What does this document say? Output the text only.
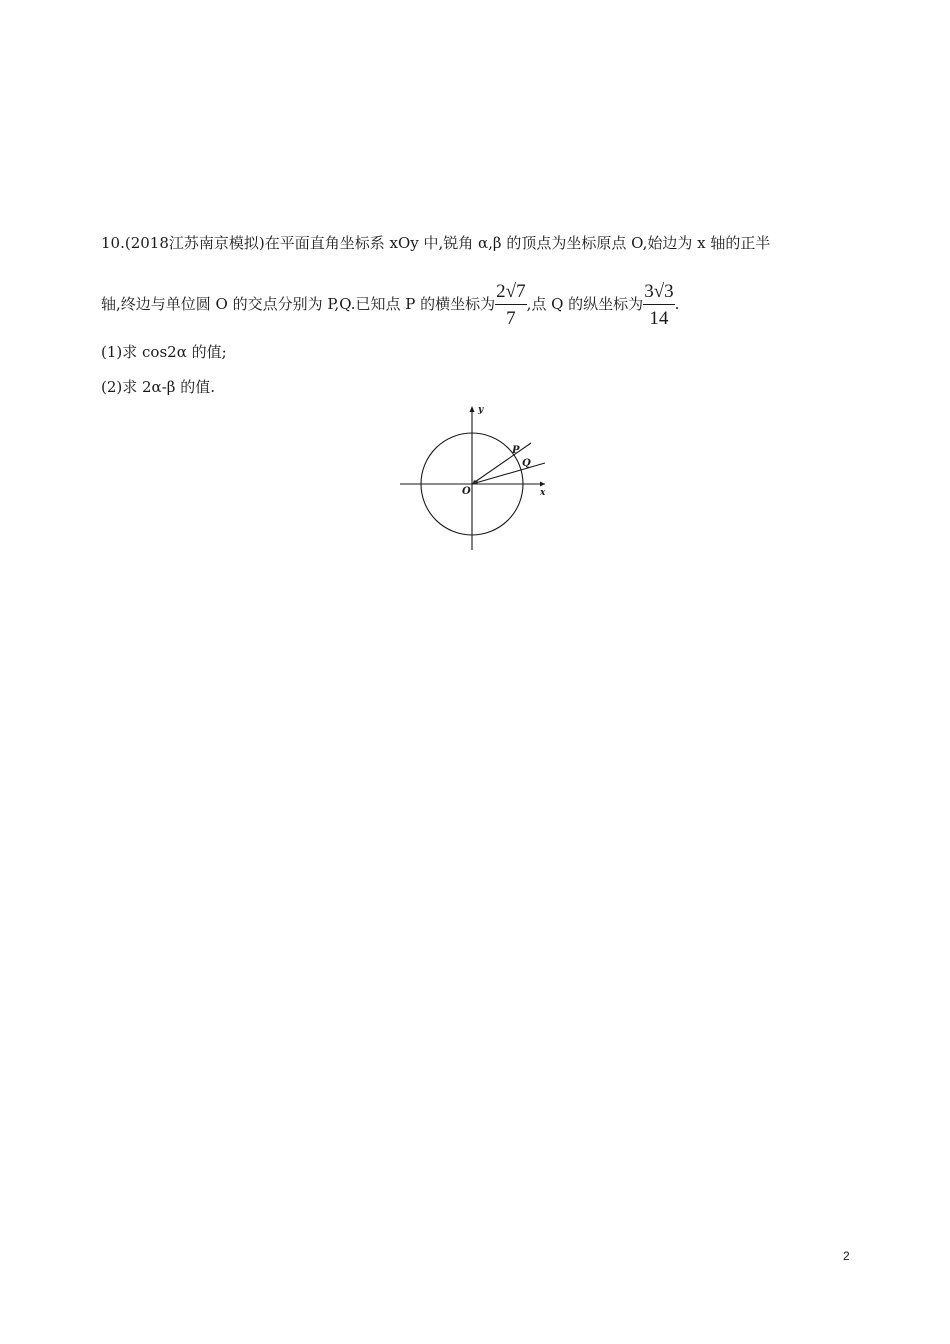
10.(2018江苏南京模拟)在平面直角坐标系 xOy 中,锐角 α,β 的顶点为坐标原点 O,始边为 x 轴的正半
轴,终边与单位圆 O 的交点分别为 P,Q.已知点 P 的横坐标为 $\frac{2√7}{7}$ ,点 Q 的纵坐标为 $\frac{3√3}{14}$ .
(1)求 cos2α 的值;
(2)求 2α-β 的值.
y
x
O
P
Q
2
